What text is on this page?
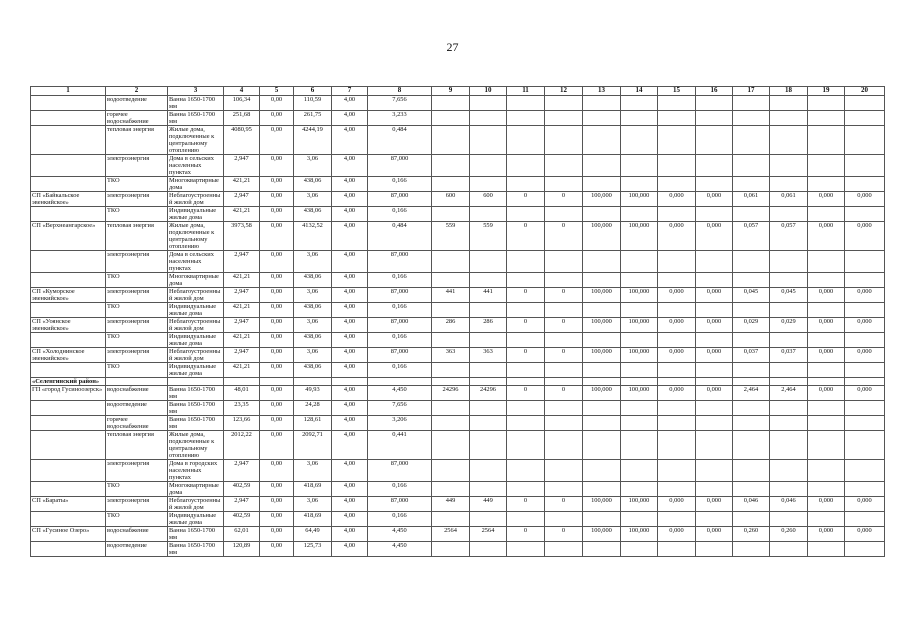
27
1	2	3	4	5	6	7	8	9	10	11	12	13	14	15	16	17	18	19	20
	водоотведение	Ванна 1650-1700 мм	106,34	0,00	110,59	4,00	7,656												
	горячее водоснабжение	Ванна 1650-1700 мм	251,68	0,00	261,75	4,00	3,233												
	тепловая энергия	Жилые дома, подключенные к центральному отоплению	4080,95	0,00	4244,19	4,00	0,484												
	электроэнергия	Дома в сельских населенных пунктах	2,947	0,00	3,06	4,00	87,000												
	ТКО	Многоквартирные дома	421,21	0,00	438,06	4,00	0,166												
СП «Байкальское эвенкийское»	электроэнергия	Неблагоустроенный жилой дом	2,947	0,00	3,06	4,00	87,000	600	600	0	0	100,000	100,000	0,000	0,000	0,061	0,061	0,000	0,000
	ТКО	Индивидуальные жилые дома	421,21	0,00	438,06	4,00	0,166												
СП «Верхнеангарское»	тепловая энергия	Жилые дома, подключенные к центральному отоплению	3973,58	0,00	4132,52	4,00	0,484	559	559	0	0	100,000	100,000	0,000	0,000	0,057	0,057	0,000	0,000
	электроэнергия	Дома в сельских населенных пунктах	2,947	0,00	3,06	4,00	87,000												
	ТКО	Многоквартирные дома	421,21	0,00	438,06	4,00	0,166												
СП «Куморское эвенкийское»	электроэнергия	Неблагоустроенный жилой дом	2,947	0,00	3,06	4,00	87,000	441	441	0	0	100,000	100,000	0,000	0,000	0,045	0,045	0,000	0,000
	ТКО	Индивидуальные жилые дома	421,21	0,00	438,06	4,00	0,166												
СП «Уоянское эвенкийское»	электроэнергия	Неблагоустроенный жилой дом	2,947	0,00	3,06	4,00	87,000	286	286	0	0	100,000	100,000	0,000	0,000	0,029	0,029	0,000	0,000
	ТКО	Индивидуальные жилые дома	421,21	0,00	438,06	4,00	0,166												
СП «Холоднинское эвенкийское»	электроэнергия	Неблагоустроенный жилой дом	2,947	0,00	3,06	4,00	87,000	363	363	0	0	100,000	100,000	0,000	0,000	0,037	0,037	0,000	0,000
	ТКО	Индивидуальные жилые дома	421,21	0,00	438,06	4,00	0,166												
«Селенгинский район»																			
ГП «город Гусиноозерск»	водоснабжение	Ванна 1650-1700 мм	48,01	0,00	49,93	4,00	4,450	24296	24296	0	0	100,000	100,000	0,000	0,000	2,464	2,464	0,000	0,000
	водоотведение	Ванна 1650-1700 мм	23,35	0,00	24,28	4,00	7,656												
	горячее водоснабжение	Ванна 1650-1700 мм	123,66	0,00	128,61	4,00	3,206												
	тепловая энергия	Жилые дома, подключенные к центральному отоплению	2012,22	0,00	2092,71	4,00	0,441												
	электроэнергия	Дома в городских населенных пунктах	2,947	0,00	3,06	4,00	87,000												
	ТКО	Многоквартирные дома	402,59	0,00	418,69	4,00	0,166												
СП «Бараты»	электроэнергия	Неблагоустроенный жилой дом	2,947	0,00	3,06	4,00	87,000	449	449	0	0	100,000	100,000	0,000	0,000	0,046	0,046	0,000	0,000
	ТКО	Индивидуальные жилые дома	402,59	0,00	418,69	4,00	0,166												
СП «Гусиное Озеро»	водоснабжение	Ванна 1650-1700 мм	62,01	0,00	64,49	4,00	4,450	2564	2564	0	0	100,000	100,000	0,000	0,000	0,260	0,260	0,000	0,000
	водоотведение	Ванна 1650-1700 мм	120,89	0,00	125,73	4,00	4,450												
